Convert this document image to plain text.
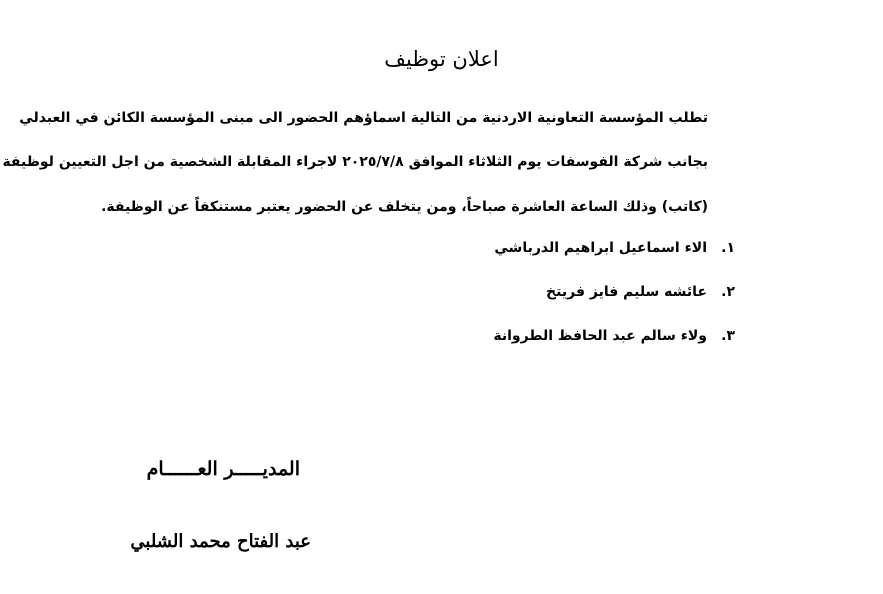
اعلان توظيف
تطلب المؤسسة التعاونية الاردنية من التالية اسماؤهم الحضور الى مبنى المؤسسة الكائن في العبدلي
بجانب شركة الفوسفات يوم الثلاثاء الموافق ٢٠٢٥/٧/٨ لاجراء المقابلة الشخصية من اجل التعيين لوظيفة
(كاتب) وذلك الساعة العاشرة صباحاً، ومن يتخلف عن الحضور يعتبر مستنكفاً عن الوظيفة.
١.الاء اسماعيل ابراهيم الدرباشي
٢.عائشه سليم فايز فريتخ
٣.ولاء سالم عبد الحافظ الطروانة
المديـــــر العــــــام
عبد الفتاح محمد الشلبي
